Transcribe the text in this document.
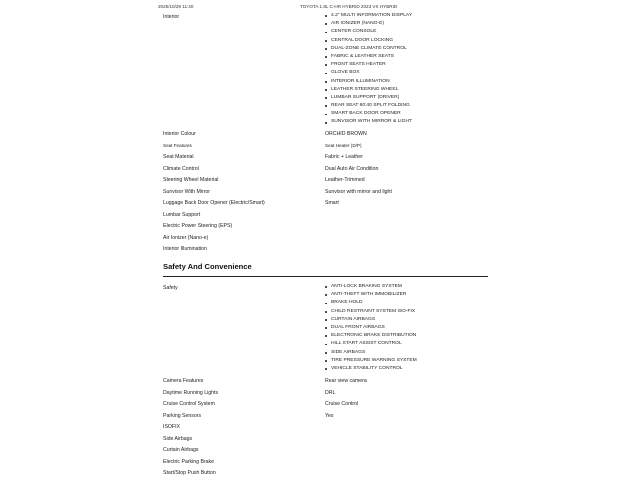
2025/10/29 11:40	TOYOTA 1.8L C-HR HYBRID 2023 VX HYBRID
Interior	4.2" MULTI INFORMATION DISPLAY
AIR IONIZER (NANO-E)
CENTER CONSOLE
CENTRAL DOOR LOCKING
DUAL-ZONE CLIMATE CONTROL
FABRIC & LEATHER SEATS
FRONT SEATS HEATER
GLOVE BOX
INTERIOR ILLUMINATION
LEATHER STEERING WHEEL
LUMBAR SUPPORT (DRIVER)
REAR SEAT 60:40 SPLIT FOLDING
SMART BACK DOOR OPENER
SUNVISOR WITH MIRROR & LIGHT
Interior Colour	ORCHID BROWN
Seat Features	Seat Heater (D/P)
Seat Material	Fabric + Leather
Climate Control	Dual Auto Air Condition
Steering Wheel Material	Leather-Trimmed
Sunvisor With Mirror	Sunvisor with mirror and light
Luggage Back Door Opener (Electric/Smart)	Smart
Lumbar Support
Electric Power Steering (EPS)
Air Ionizer (Nano-e)
Interior Illumination
Safety And Convenience
Safety	ANTI-LOCK BRAKING SYSTEM
ANTI-THEFT WITH IMMOBILIZER
BRAKE HOLD
CHILD RESTRAINT SYSTEM ISO-FIX
CURTAIN AIRBAGS
DUAL FRONT AIRBAGS
ELECTRONIC BRAKE DISTRIBUTION
HILL START ASSIST CONTROL
SIDE AIRBAGS
TIRE PRESSURE WARNING SYSTEM
VEHICLE STABILITY CONTROL
Camera Features	Rear view camera
Daytime Running Lights	DRL
Cruise Control System	Cruise Control
Parking Sensors	Yes
ISOFIX
Side Airbags
Curtain Airbags
Electric Parking Brake
Start/Stop Push Button
